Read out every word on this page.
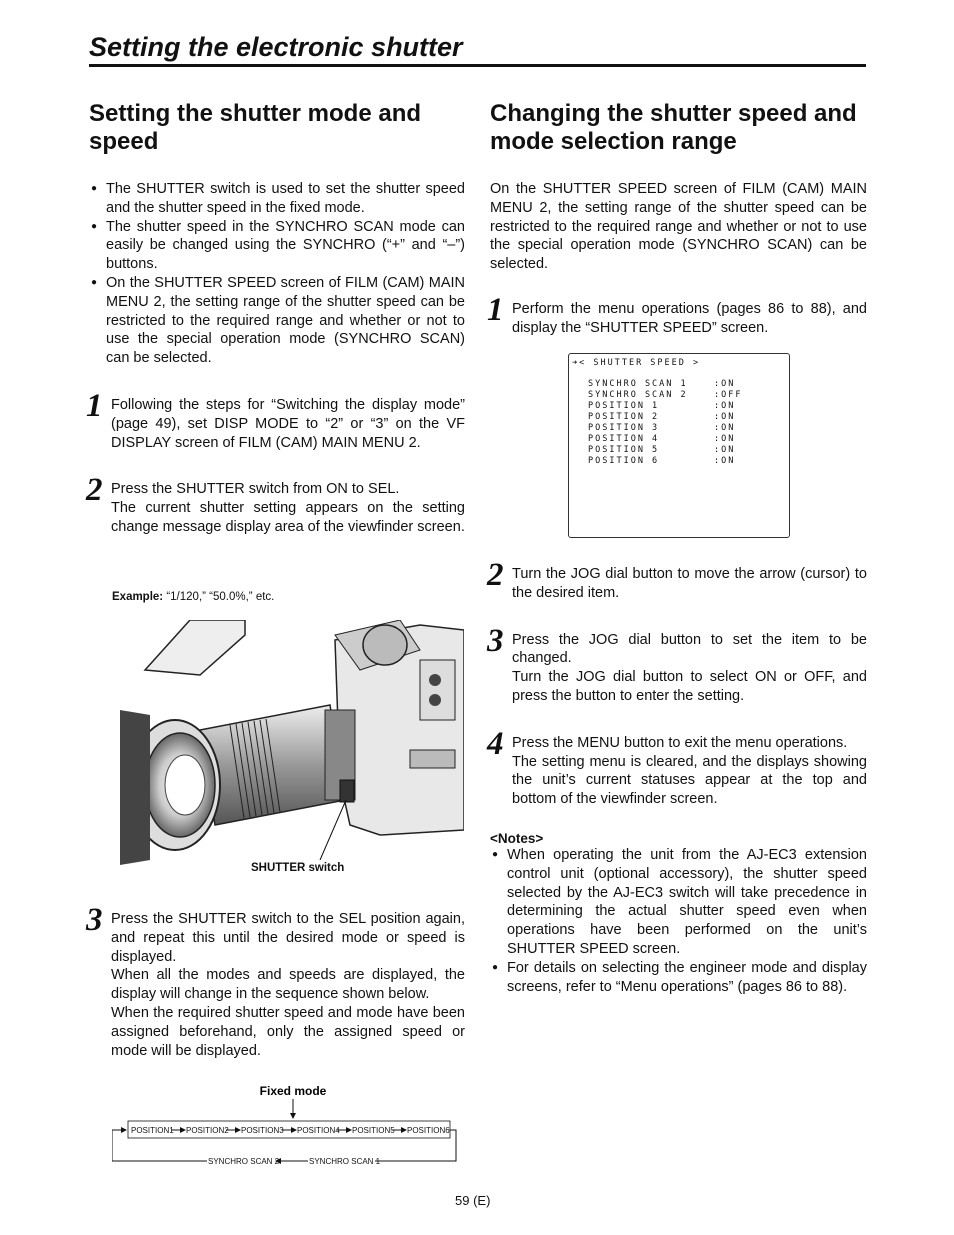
Setting the electronic shutter
Setting the shutter mode and speed
● The SHUTTER switch is used to set the shutter speed and the shutter speed in the fixed mode.
● The shutter speed in the SYNCHRO SCAN mode can easily be changed using the SYNCHRO (“+” and “–”) buttons.
● On the SHUTTER SPEED screen of FILM (CAM) MAIN MENU 2, the setting range of the shutter speed can be restricted to the required range and whether or not to use the special operation mode (SYNCHRO SCAN) can be selected.
1 Following the steps for “Switching the display mode” (page 49), set DISP MODE to “2” or “3” on the VF DISPLAY screen of FILM (CAM) MAIN MENU 2.

2 Press the SHUTTER switch from ON to SEL.

The current shutter setting appears on the setting change message display area of the viewfinder screen.

Example: “1/120,” “50.0%,” etc.

SHUTTER switch
3 Press the SHUTTER switch to the SEL position again, and repeat this until the desired mode or speed is displayed.

When all the modes and speeds are displayed, the display will change in the sequence shown below.

When the required shutter speed and mode have been assigned beforehand, only the assigned speed or mode will be displayed.

Fixed mode
POSITION1 POSITION2 POSITION3 POSITION4 POSITION5 POSITION6
SYNCHRO SCAN 2	SYNCHRO SCAN 1
Changing the shutter speed and mode selection range

On the SHUTTER SPEED screen of FILM (CAM) MAIN MENU 2, the setting range of the shutter speed can be restricted to the required range and whether or not to use the special operation mode (SYNCHRO SCAN) can be selected.

1 Perform the menu operations (pages 86 to 88), and display the “SHUTTER SPEED” screen.

➜< SHUTTER SPEED >
SYNCHRO SCAN 1	:ON
SYNCHRO SCAN 2	:OFF
POSITION 1	:ON
POSITION 2	:ON
POSITION 3	:ON
POSITION 4	:ON
POSITION 5	:ON
POSITION 6	:ON
2 Turn the JOG dial button to move the arrow (cursor) to the desired item.

3 Press the JOG dial button to set the item to be changed.

Turn the JOG dial button to select ON or OFF, and press the button to enter the setting.

4 Press the MENU button to exit the menu operations.

The setting menu is cleared, and the displays showing the unit’s current statuses appear at the top and bottom of the viewfinder screen.

<Notes>

● When operating the unit from the AJ-EC3 extension control unit (optional accessory), the shutter speed selected by the AJ-EC3 switch will take precedence in determining the actual shutter speed even when operations have been performed on the unit’s SHUTTER SPEED screen.
● For details on selecting the engineer mode and display screens, refer to “Menu operations” (pages 86 to 88).
59 (E)
